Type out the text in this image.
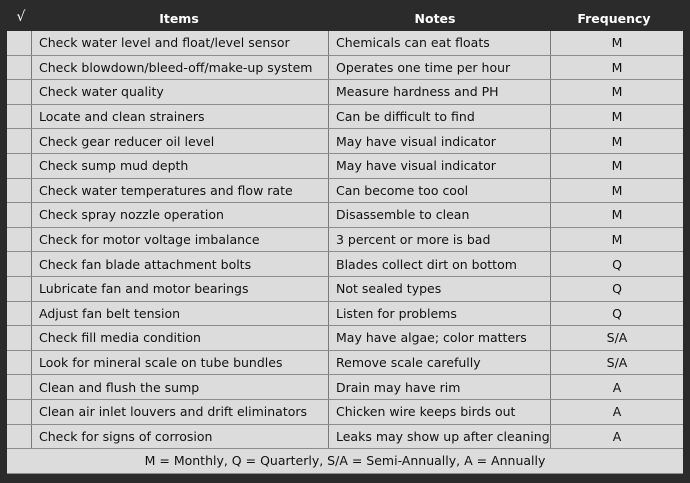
√	Items	Notes	Frequency
	Check water level and float/level sensor	Chemicals can eat floats	M
	Check blowdown/bleed-off/make-up system	Operates one time per hour	M
	Check water quality	Measure hardness and PH	M
	Locate and clean strainers	Can be difficult to find	M
	Check gear reducer oil level	May have visual indicator	M
	Check sump mud depth	May have visual indicator	M
	Check water temperatures and flow rate	Can become too cool	M
	Check spray nozzle operation	Disassemble to clean	M
	Check for motor voltage imbalance	3 percent or more is bad	M
	Check fan blade attachment bolts	Blades collect dirt on bottom	Q
	Lubricate fan and motor bearings	Not sealed types	Q
	Adjust fan belt tension	Listen for problems	Q
	Check fill media condition	May have algae; color matters	S/A
	Look for mineral scale on tube bundles	Remove scale carefully	S/A
	Clean and flush the sump	Drain may have rim	A
	Clean air inlet louvers and drift eliminators	Chicken wire keeps birds out	A
	Check for signs of corrosion	Leaks may show up after cleaning	A
M = Monthly, Q = Quarterly, S/A = Semi-Annually, A = Annually			
